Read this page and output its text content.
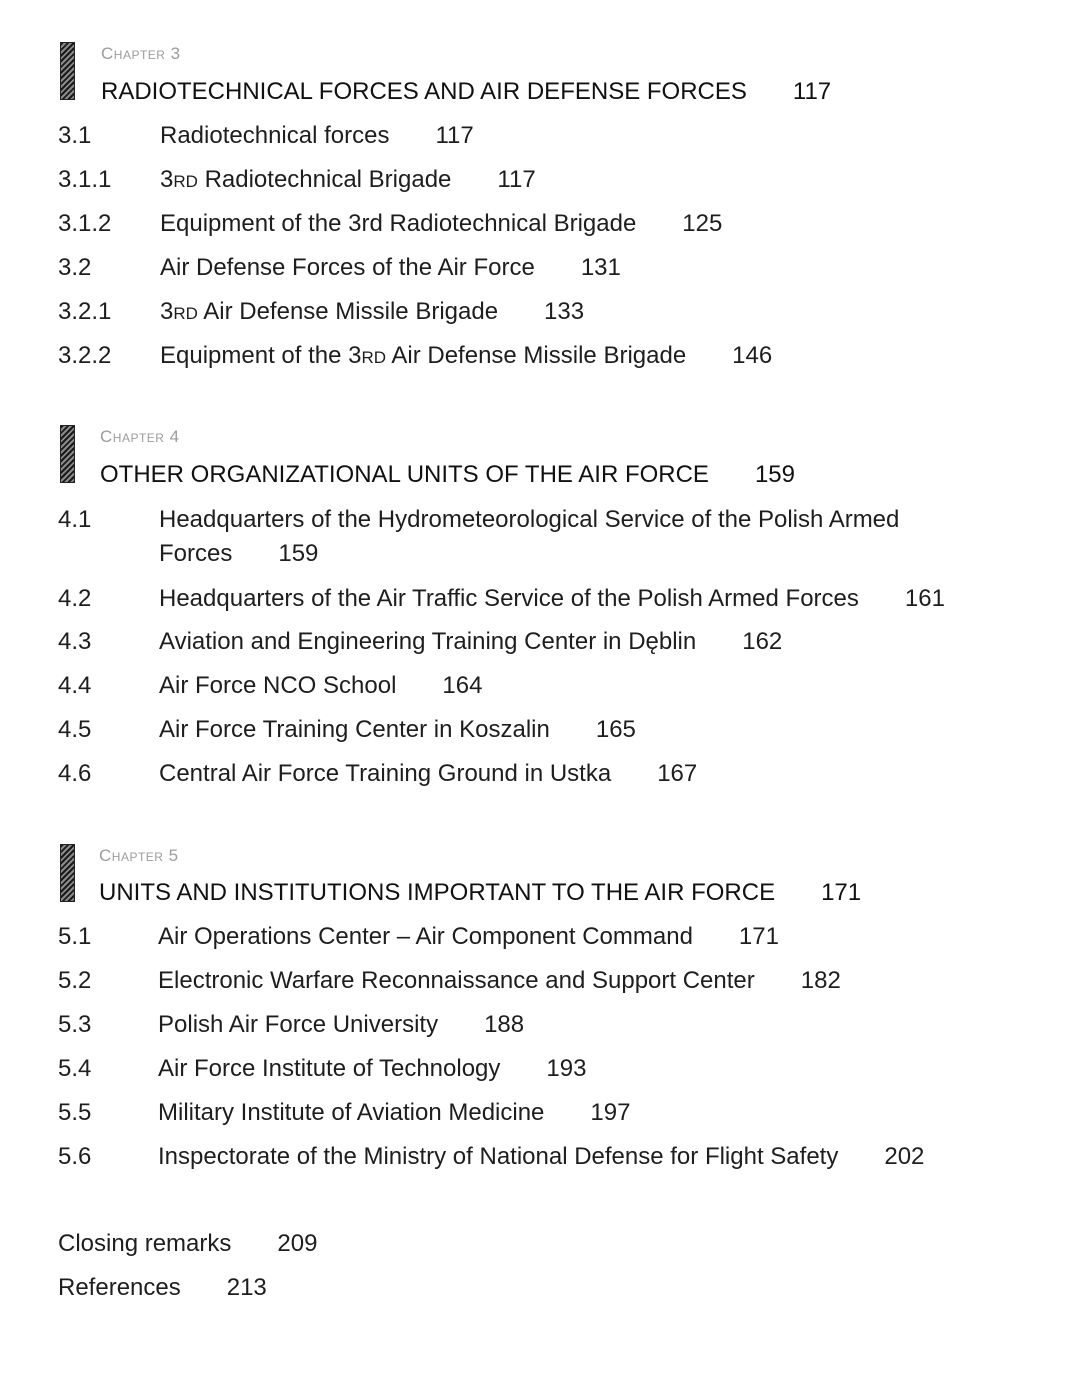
Chapter 3
RADIOTECHNICAL FORCES AND AIR DEFENSE FORCES 117
3.1	Radiotechnical forces 117
3.1.1 3rd Radiotechnical Brigade 117
3.1.2 Equipment of the 3rd Radiotechnical Brigade 125
3.2	Air Defense Forces of the Air Force 131
3.2.1 3rd Air Defense Missile Brigade 133
3.2.2 Equipment of the 3rd Air Defense Missile Brigade 146
Chapter 4
OTHER ORGANIZATIONAL UNITS OF THE AIR FORCE 159
4.1	Headquarters of the Hydrometeorological Service of the Polish Armed
Forces 159
4.2	Headquarters of the Air Traffic Service of the Polish Armed Forces 161
4.3	Aviation and Engineering Training Center in Dęblin 162
4.4	Air Force NCO School 164
4.5	Air Force Training Center in Koszalin 165
4.6	Central Air Force Training Ground in Ustka 167
Chapter 5
UNITS AND INSTITUTIONS IMPORTANT TO THE AIR FORCE 171
5.1	Air Operations Center – Air Component Command 171
5.2	Electronic Warfare Reconnaissance and Support Center 182
5.3	Polish Air Force University 188
5.4	Air Force Institute of Technology 193
5.5	Military Institute of Aviation Medicine 197
5.6	Inspectorate of the Ministry of National Defense for Flight Safety 202
Closing remarks 209
References 213
